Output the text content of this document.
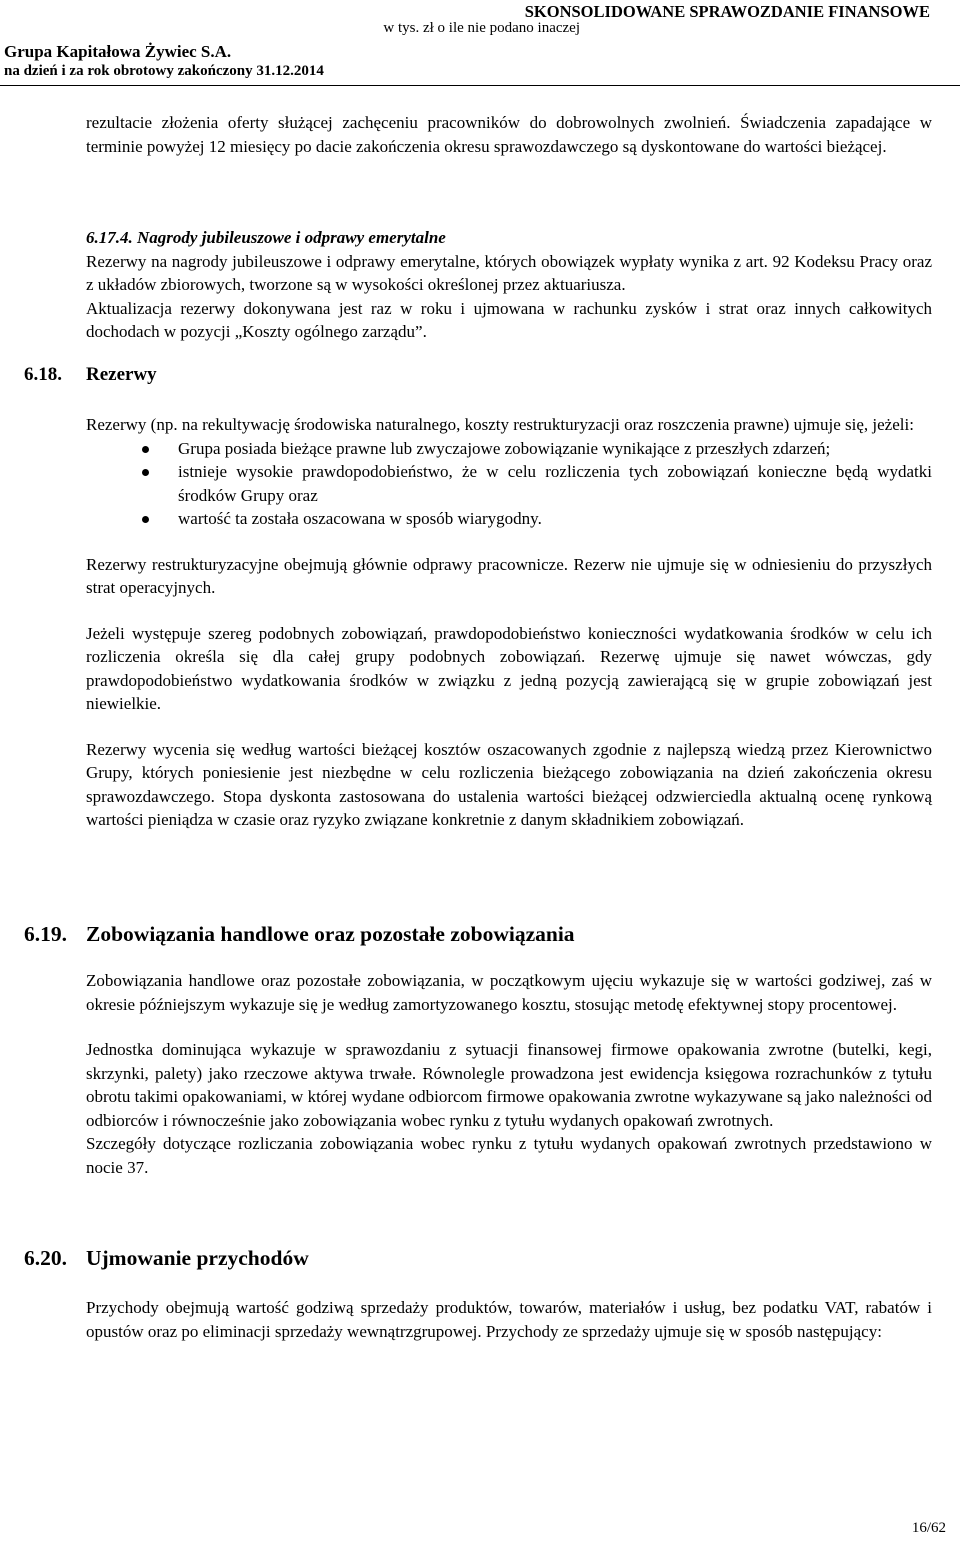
SKONSOLIDOWANE SPRAWOZDANIE FINANSOWE
w tys. zł o ile nie podano inaczej
Grupa Kapitałowa Żywiec S.A.
na dzień i za rok obrotowy zakończony 31.12.2014

rezultacie złożenia oferty służącej zachęceniu pracowników do dobrowolnych zwolnień. Świadczenia zapadające w terminie powyżej 12 miesięcy po dacie zakończenia okresu sprawozdawczego są dyskontowane do wartości bieżącej.

6.17.4. Nagrody jubileuszowe i odprawy emerytalne

Rezerwy na nagrody jubileuszowe i odprawy emerytalne, których obowiązek wypłaty wynika z art. 92 Kodeksu Pracy oraz z układów zbiorowych, tworzone są w wysokości określonej przez aktuariusza.

Aktualizacja rezerwy dokonywana jest raz w roku i ujmowana w rachunku zysków i strat oraz innych całkowitych dochodach w pozycji „Koszty ogólnego zarządu”.

6.18. Rezerwy

Rezerwy (np. na rekultywację środowiska naturalnego, koszty restrukturyzacji oraz roszczenia prawne) ujmuje się, jeżeli:

Grupa posiada bieżące prawne lub zwyczajowe zobowiązanie wynikające z przeszłych zdarzeń;
istnieje wysokie prawdopodobieństwo, że w celu rozliczenia tych zobowiązań konieczne będą wydatki środków Grupy oraz
wartość ta została oszacowana w sposób wiarygodny.

Rezerwy restrukturyzacyjne obejmują głównie odprawy pracownicze. Rezerw nie ujmuje się w odniesieniu do przyszłych strat operacyjnych.

Jeżeli występuje szereg podobnych zobowiązań, prawdopodobieństwo konieczności wydatkowania środków w celu ich rozliczenia określa się dla całej grupy podobnych zobowiązań. Rezerwę ujmuje się nawet wówczas, gdy prawdopodobieństwo wydatkowania środków w związku z jedną pozycją zawierającą się w grupie zobowiązań jest niewielkie.

Rezerwy wycenia się według wartości bieżącej kosztów oszacowanych zgodnie z najlepszą wiedzą przez Kierownictwo Grupy, których poniesienie jest niezbędne w celu rozliczenia bieżącego zobowiązania na dzień zakończenia okresu sprawozdawczego. Stopa dyskonta zastosowana do ustalenia wartości bieżącej odzwierciedla aktualną ocenę rynkową wartości pieniądza w czasie oraz ryzyko związane konkretnie z danym składnikiem zobowiązań.

6.19. Zobowiązania handlowe oraz pozostałe zobowiązania

Zobowiązania handlowe oraz pozostałe zobowiązania, w początkowym ujęciu wykazuje się w wartości godziwej, zaś w okresie późniejszym wykazuje się je według zamortyzowanego kosztu, stosując metodę efektywnej stopy procentowej.

Jednostka dominująca wykazuje w sprawozdaniu z sytuacji finansowej firmowe opakowania zwrotne (butelki, kegi, skrzynki, palety) jako rzeczowe aktywa trwałe. Równolegle prowadzona jest ewidencja księgowa rozrachunków z tytułu obrotu takimi opakowaniami, w której wydane odbiorcom firmowe opakowania zwrotne wykazywane są jako należności od odbiorców i równocześnie jako zobowiązania wobec rynku z tytułu wydanych opakowań zwrotnych.

Szczegóły dotyczące rozliczania zobowiązania wobec rynku z tytułu wydanych opakowań zwrotnych przedstawiono w nocie 37.

6.20. Ujmowanie przychodów

Przychody obejmują wartość godziwą sprzedaży produktów, towarów, materiałów i usług, bez podatku VAT, rabatów i opustów oraz po eliminacji sprzedaży wewnątrzgrupowej. Przychody ze sprzedaży ujmuje się w sposób następujący:

16/62
